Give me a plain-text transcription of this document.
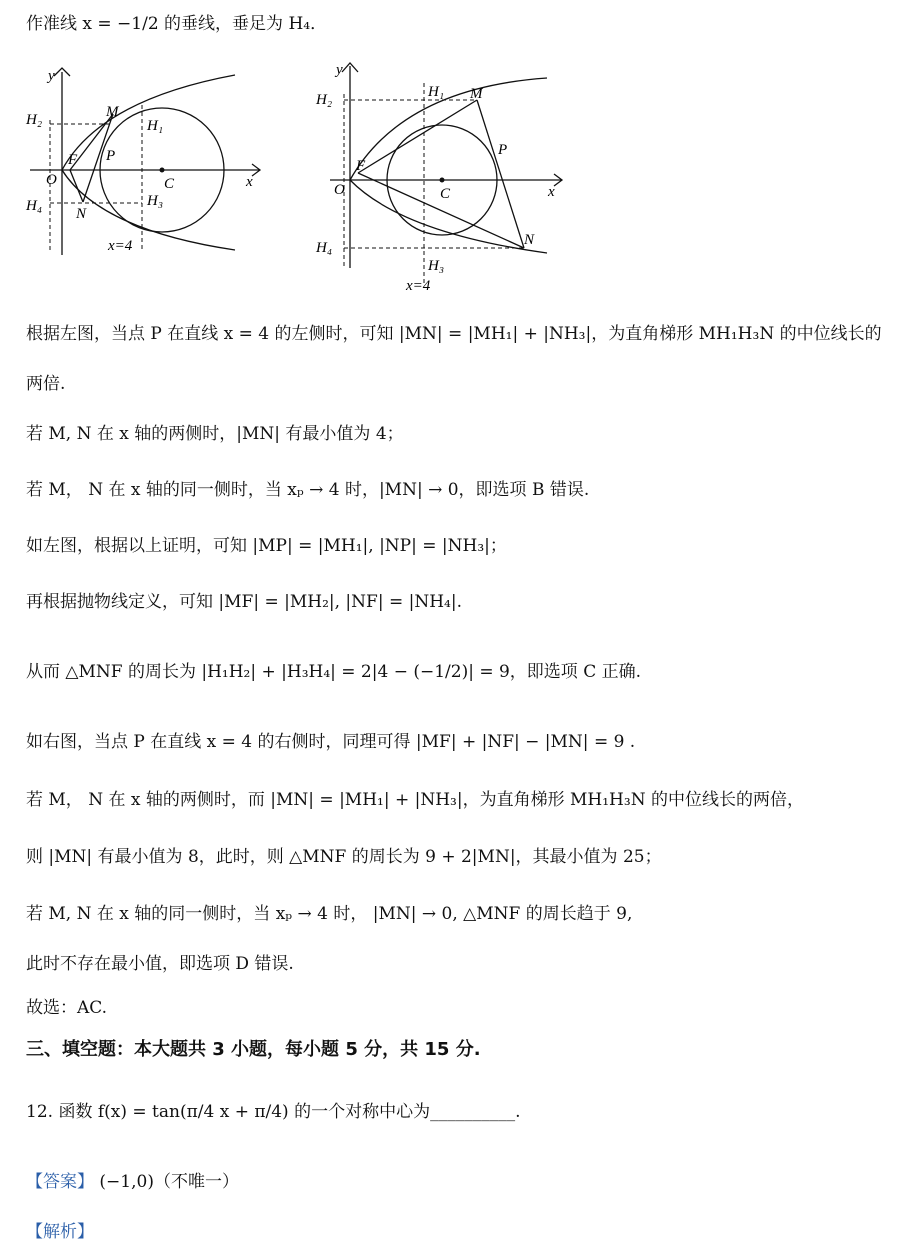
作准线 x = −1/2 的垂线，垂足为 H₄．
y
x
O
F
M
N
P
C
H₁
H₂
H₃
H₄
x=4
y
x
O
F
M
N
P
C
H₁
H₂
H₃
H₄
x=4
根据左图，当点 P 在直线 x = 4 的左侧时，可知 |MN| = |MH₁| + |NH₃|，为直角梯形 MH₁H₃N 的中位线长的
两倍.
若 M, N 在 x 轴的两侧时，|MN| 有最小值为 4；
若 M， N 在 x 轴的同一侧时，当 xₚ → 4 时，|MN| → 0，即选项 B 错误.
如左图，根据以上证明，可知 |MP| = |MH₁|, |NP| = |NH₃|；
再根据抛物线定义，可知 |MF| = |MH₂|, |NF| = |NH₄|.
从而 △MNF 的周长为 |H₁H₂| + |H₃H₄| = 2|4 − (−1/2)| = 9，即选项 C 正确.
如右图，当点 P 在直线 x = 4 的右侧时，同理可得 |MF| + |NF| − |MN| = 9 .
若 M， N 在 x 轴的两侧时，而 |MN| = |MH₁| + |NH₃|，为直角梯形 MH₁H₃N 的中位线长的两倍，
则 |MN| 有最小值为 8，此时，则 △MNF 的周长为 9 + 2|MN|，其最小值为 25；
若 M, N 在 x 轴的同一侧时，当 xₚ → 4 时， |MN| → 0, △MNF 的周长趋于 9,
此时不存在最小值，即选项 D 错误.
故选：AC.
三、填空题：本大题共 3 小题，每小题 5 分，共 15 分.
12. 函数 f(x) = tan(π/4 x + π/4) 的一个对称中心为__________.
【答案】 (−1,0)（不唯一）
【解析】
